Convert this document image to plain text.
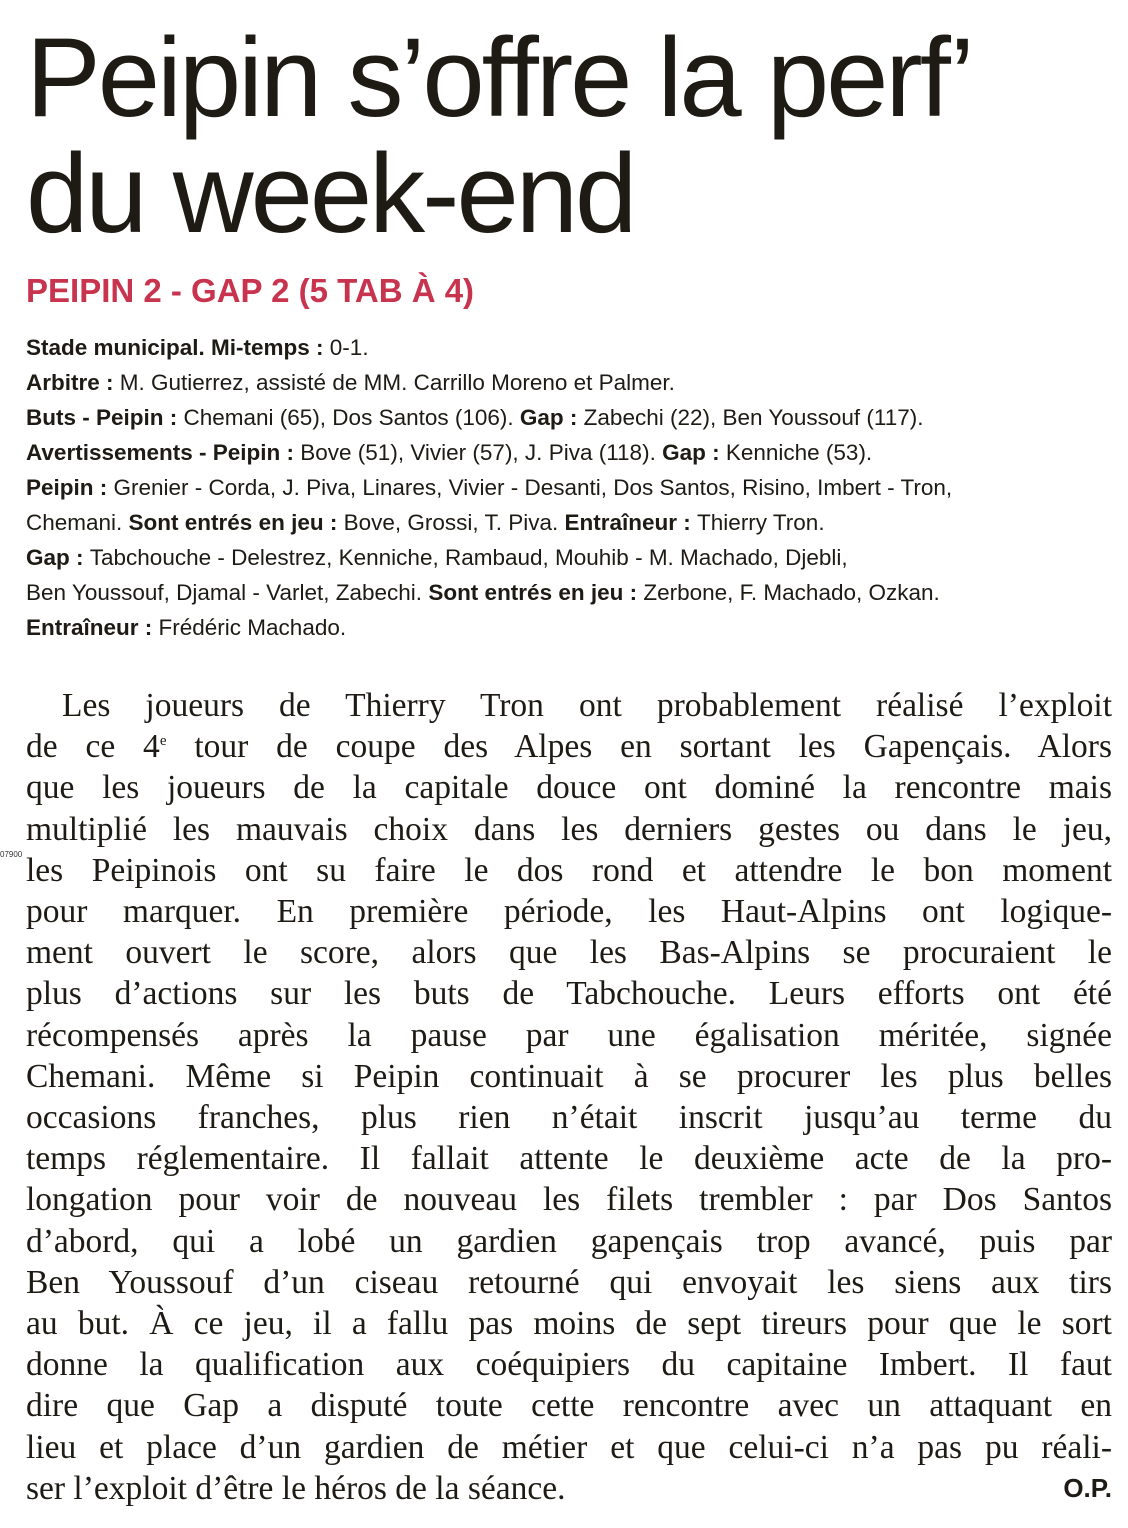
Peipin s’offre la perf’
du week-end
PEIPIN 2 - GAP 2 (5 TAB À 4)
Stade municipal. Mi-temps : 0-1.
Arbitre : M. Gutierrez, assisté de MM. Carrillo Moreno et Palmer.
Buts - Peipin : Chemani (65), Dos Santos (106). Gap : Zabechi (22), Ben Youssouf (117).
Avertissements - Peipin : Bove (51), Vivier (57), J. Piva (118). Gap : Kenniche (53).
Peipin : Grenier - Corda, J. Piva, Linares, Vivier - Desanti, Dos Santos, Risino, Imbert - Tron,
Chemani. Sont entrés en jeu : Bove, Grossi, T. Piva. Entraîneur : Thierry Tron.
Gap : Tabchouche - Delestrez, Kenniche, Rambaud, Mouhib - M. Machado, Djebli,
Ben Youssouf, Djamal - Varlet, Zabechi. Sont entrés en jeu : Zerbone, F. Machado, Ozkan.
Entraîneur : Frédéric Machado.
07900
Les joueurs de Thierry Tron ont probablement réalisé l’exploit
de ce 4e tour de coupe des Alpes en sortant les Gapençais. Alors
que les joueurs de la capitale douce ont dominé la rencontre mais
multiplié les mauvais choix dans les derniers gestes ou dans le jeu,
les Peipinois ont su faire le dos rond et attendre le bon moment
pour marquer. En première période, les Haut-Alpins ont logique-
ment ouvert le score, alors que les Bas-Alpins se procuraient le
plus d’actions sur les buts de Tabchouche. Leurs efforts ont été
récompensés après la pause par une égalisation méritée, signée
Chemani. Même si Peipin continuait à se procurer les plus belles
occasions franches, plus rien n’était inscrit jusqu’au terme du
temps réglementaire. Il fallait attente le deuxième acte de la pro-
longation pour voir de nouveau les filets trembler : par Dos Santos
d’abord, qui a lobé un gardien gapençais trop avancé, puis par
Ben Youssouf d’un ciseau retourné qui envoyait les siens aux tirs
au but. À ce jeu, il a fallu pas moins de sept tireurs pour que le sort
donne la qualification aux coéquipiers du capitaine Imbert. Il faut
dire que Gap a disputé toute cette rencontre avec un attaquant en
lieu et place d’un gardien de métier et que celui-ci n’a pas pu réali-
ser l’exploit d’être le héros de la séance.	O.P.
